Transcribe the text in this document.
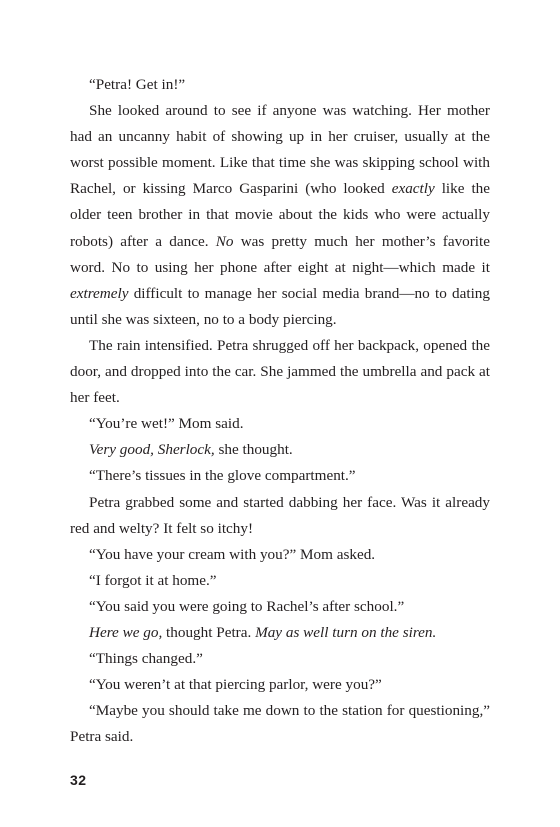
“Petra! Get in!”

She looked around to see if anyone was watching. Her mother had an uncanny habit of showing up in her cruiser, usually at the worst possible moment. Like that time she was skipping school with Rachel, or kissing Marco Gasparini (who looked exactly like the older teen brother in that movie about the kids who were actually robots) after a dance. No was pretty much her mother’s favorite word. No to using her phone after eight at night—which made it extremely difficult to manage her social media brand—no to dating until she was sixteen, no to a body piercing.

The rain intensified. Petra shrugged off her backpack, opened the door, and dropped into the car. She jammed the umbrella and pack at her feet.

“You’re wet!” Mom said.

Very good, Sherlock, she thought.

“There’s tissues in the glove compartment.”

Petra grabbed some and started dabbing her face. Was it already red and welty? It felt so itchy!

“You have your cream with you?” Mom asked.

“I forgot it at home.”

“You said you were going to Rachel’s after school.”

Here we go, thought Petra. May as well turn on the siren.

“Things changed.”

“You weren’t at that piercing parlor, were you?”

“Maybe you should take me down to the station for questioning,” Petra said.

32
